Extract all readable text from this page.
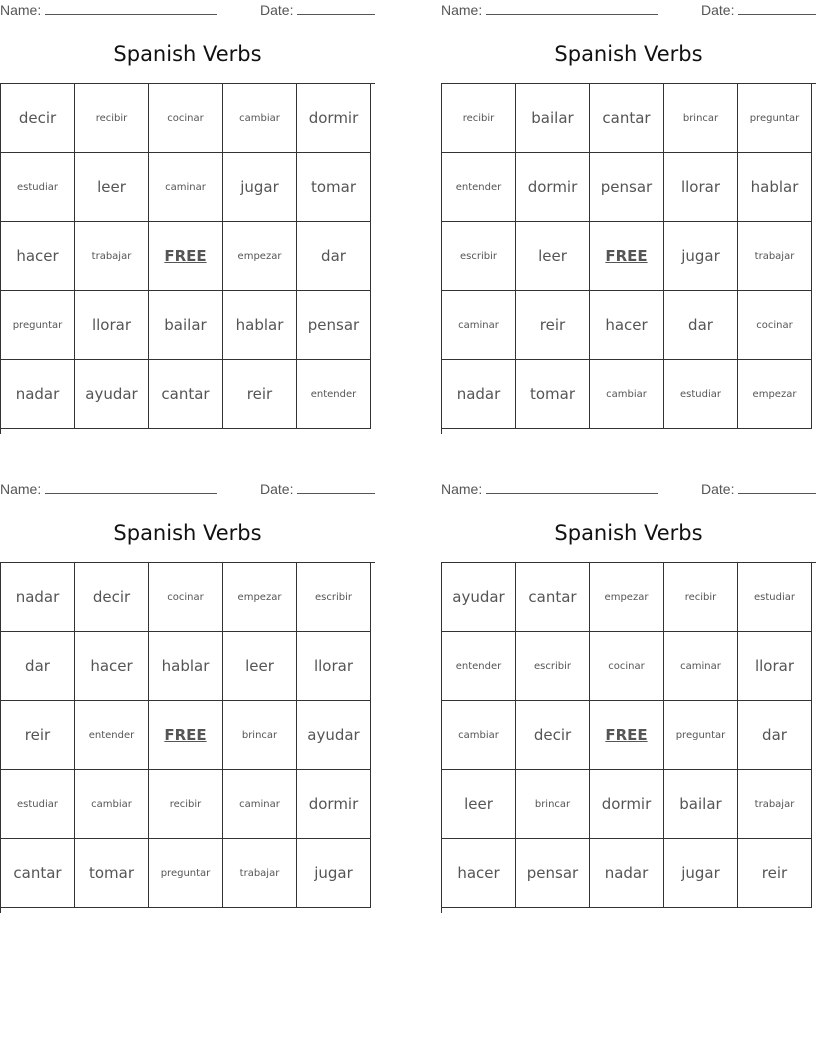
Name:	Date:
Spanish Verbs
decir	recibir	cocinar	cambiar	dormir
estudiar	leer	caminar	jugar	tomar
hacer	trabajar	FREE	empezar	dar
preguntar	llorar	bailar	hablar	pensar
nadar	ayudar	cantar	reir	entender
Name:	Date:
Spanish Verbs
recibir	bailar	cantar	brincar	preguntar
entender	dormir	pensar	llorar	hablar
escribir	leer	FREE	jugar	trabajar
caminar	reir	hacer	dar	cocinar
nadar	tomar	cambiar	estudiar	empezar
Name:	Date:
Spanish Verbs
nadar	decir	cocinar	empezar	escribir
dar	hacer	hablar	leer	llorar
reir	entender	FREE	brincar	ayudar
estudiar	cambiar	recibir	caminar	dormir
cantar	tomar	preguntar	trabajar	jugar
Name:	Date:
Spanish Verbs
ayudar	cantar	empezar	recibir	estudiar
entender	escribir	cocinar	caminar	llorar
cambiar	decir	FREE	preguntar	dar
leer	brincar	dormir	bailar	trabajar
hacer	pensar	nadar	jugar	reir
